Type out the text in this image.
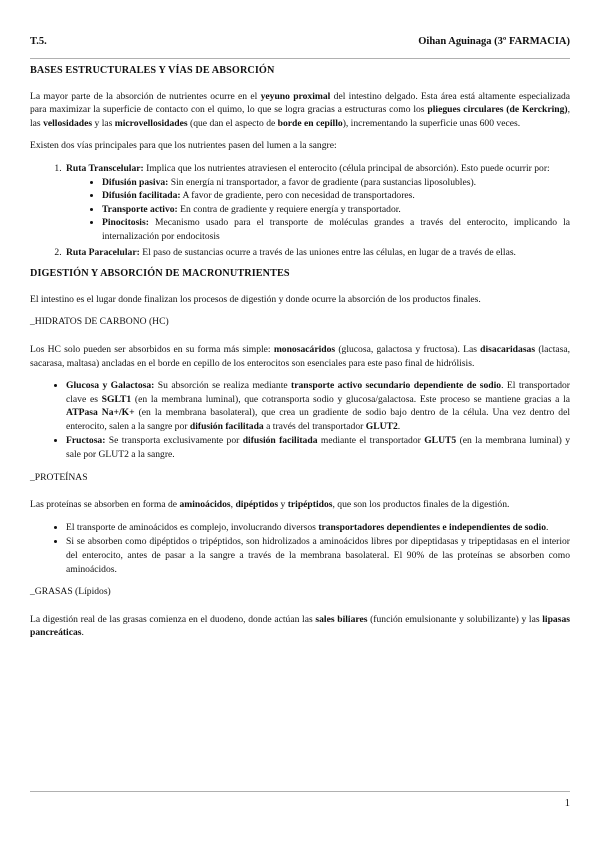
T.5.	Oihan Aguinaga (3º FARMACIA)
BASES ESTRUCTURALES Y VÍAS DE ABSORCIÓN

La mayor parte de la absorción de nutrientes ocurre en el yeyuno proximal del intestino delgado. Esta área está altamente especializada para maximizar la superficie de contacto con el quimo, lo que se logra gracias a estructuras como los pliegues circulares (de Kerckring), las vellosidades y las microvellosidades (que dan el aspecto de borde en cepillo), incrementando la superficie unas 600 veces.

Existen dos vías principales para que los nutrientes pasen del lumen a la sangre:

1. Ruta Transcelular: Implica que los nutrientes atraviesen el enterocito (célula principal de absorción). Esto puede ocurrir por:
• Difusión pasiva: Sin energía ni transportador, a favor de gradiente (para sustancias liposolubles).
• Difusión facilitada: A favor de gradiente, pero con necesidad de transportadores.
• Transporte activo: En contra de gradiente y requiere energía y transportador.
• Pinocitosis: Mecanismo usado para el transporte de moléculas grandes a través del enterocito, implicando la internalización por endocitosis
2. Ruta Paracelular: El paso de sustancias ocurre a través de las uniones entre las células, en lugar de a través de ellas.
DIGESTIÓN Y ABSORCIÓN DE MACRONUTRIENTES

El intestino es el lugar donde finalizan los procesos de digestión y donde ocurre la absorción de los productos finales.

_HIDRATOS DE CARBONO (HC)

Los HC solo pueden ser absorbidos en su forma más simple: monosacáridos (glucosa, galactosa y fructosa). Las disacaridasas (lactasa, sacarasa, maltasa) ancladas en el borde en cepillo de los enterocitos son esenciales para este paso final de hidrólisis.

• Glucosa y Galactosa: Su absorción se realiza mediante transporte activo secundario dependiente de sodio. El transportador clave es SGLT1 (en la membrana luminal), que cotransporta sodio y glucosa/galactosa. Este proceso se mantiene gracias a la ATPasa Na+/K+ (en la membrana basolateral), que crea un gradiente de sodio bajo dentro de la célula. Una vez dentro del enterocito, salen a la sangre por difusión facilitada a través del transportador GLUT2.
• Fructosa: Se transporta exclusivamente por difusión facilitada mediante el transportador GLUT5 (en la membrana luminal) y sale por GLUT2 a la sangre.

_PROTEÍNAS

Las proteínas se absorben en forma de aminoácidos, dipéptidos y tripéptidos, que son los productos finales de la digestión.

• El transporte de aminoácidos es complejo, involucrando diversos transportadores dependientes e independientes de sodio.
• Si se absorben como dipéptidos o tripéptidos, son hidrolizados a aminoácidos libres por dipeptidasas y tripeptidasas en el interior del enterocito, antes de pasar a la sangre a través de la membrana basolateral. El 90% de las proteínas se absorben como aminoácidos.

_GRASAS (Lípidos)

La digestión real de las grasas comienza en el duodeno, donde actúan las sales biliares (función emulsionante y solubilizante) y las lipasas pancreáticas.

1
